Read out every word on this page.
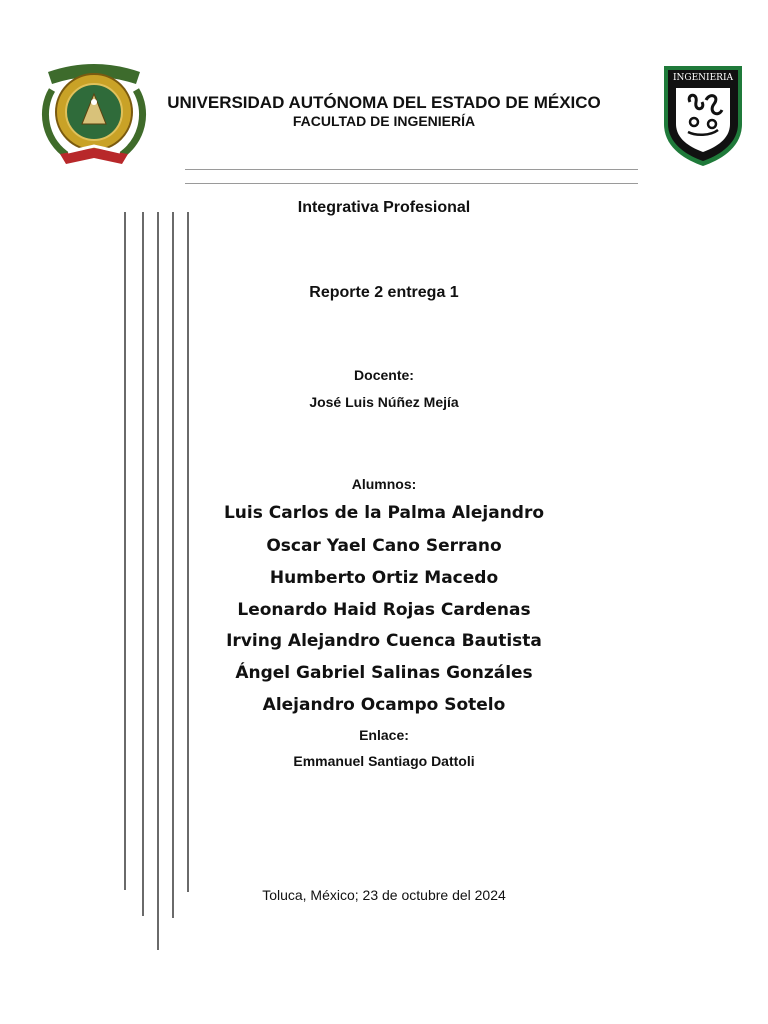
UNIVERSIDAD AUTÓNOMA DEL ESTADO DE MÉXICO
FACULTAD DE INGENIERÍA
INGENIERIA
Integrativa Profesional
Reporte 2 entrega 1
Docente:
José Luis Núñez Mejía
Alumnos:
Luis Carlos de la Palma Alejandro
Oscar Yael Cano Serrano
Humberto Ortiz Macedo
Leonardo Haid Rojas Cardenas
Irving Alejandro Cuenca Bautista
Ángel Gabriel Salinas Gonzáles
Alejandro Ocampo Sotelo
Enlace:
Emmanuel Santiago Dattoli
Toluca, México; 23 de octubre del 2024
